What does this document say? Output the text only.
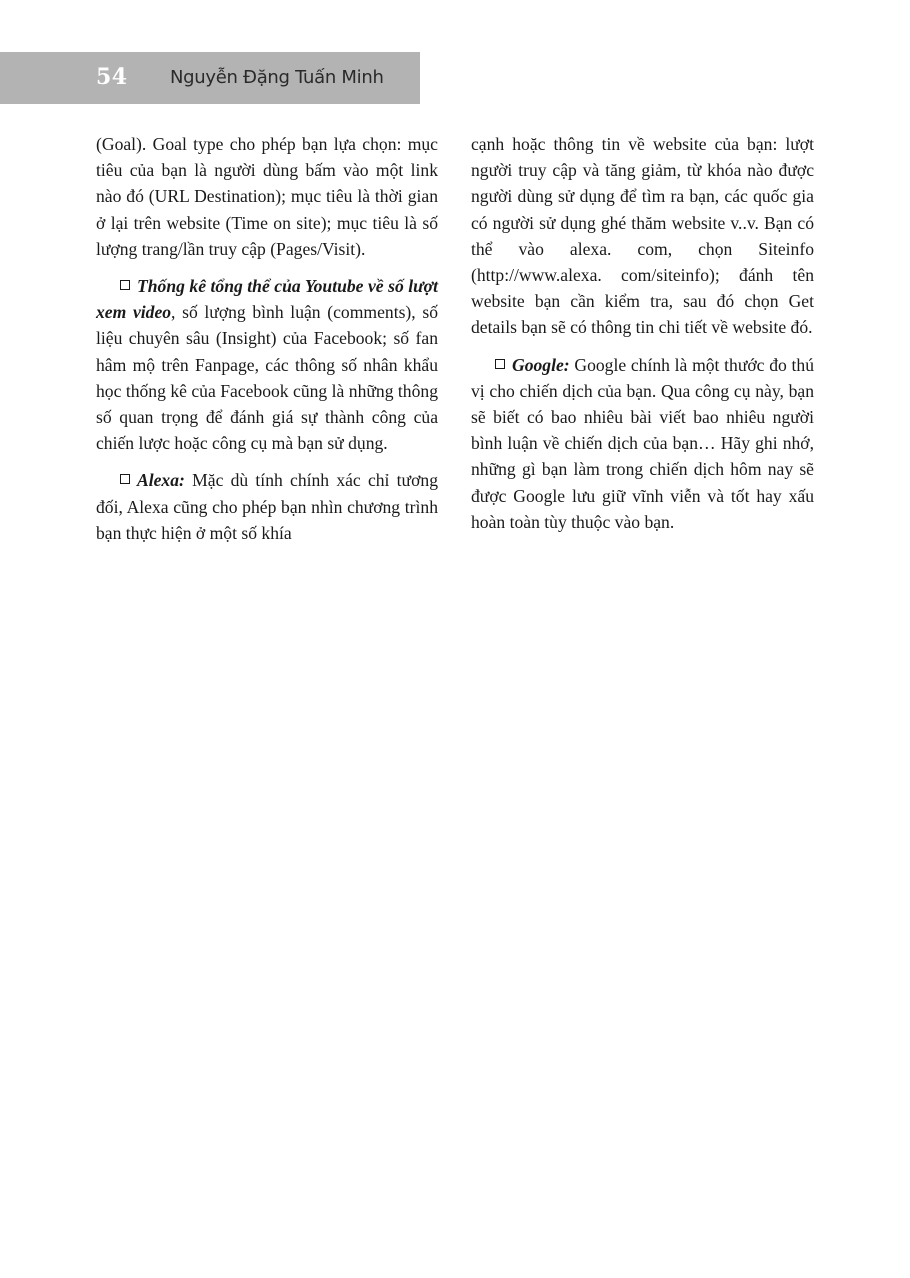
54 Nguyễn Đặng Tuấn Minh

(Goal). Goal type cho phép bạn lựa chọn: mục tiêu của bạn là người dùng bấm vào một link nào đó (URL Destination); mục tiêu là thời gian ở lại trên website (Time on site); mục tiêu là số lượng trang/lần truy cập (Pages/Visit).

Thống kê tổng thể của Youtube về số lượt xem video, số lượng bình luận (comments), số liệu chuyên sâu (Insight) của Facebook; số fan hâm mộ trên Fanpage, các thông số nhân khẩu học thống kê của Facebook cũng là những thông số quan trọng để đánh giá sự thành công của chiến lược hoặc công cụ mà bạn sử dụng.

Alexa: Mặc dù tính chính xác chỉ tương đối, Alexa cũng cho phép bạn nhìn chương trình bạn thực hiện ở một số khía

cạnh hoặc thông tin về website của bạn: lượt người truy cập và tăng giảm, từ khóa nào được người dùng sử dụng để tìm ra bạn, các quốc gia có người sử dụng ghé thăm website v..v. Bạn có thể vào alexa. com, chọn Siteinfo (http://www.alexa. com/siteinfo); đánh tên website bạn cần kiểm tra, sau đó chọn Get details bạn sẽ có thông tin chi tiết về website đó.

Google: Google chính là một thước đo thú vị cho chiến dịch của bạn. Qua công cụ này, bạn sẽ biết có bao nhiêu bài viết bao nhiêu người bình luận về chiến dịch của bạn… Hãy ghi nhớ, những gì bạn làm trong chiến dịch hôm nay sẽ được Google lưu giữ vĩnh viễn và tốt hay xấu hoàn toàn tùy thuộc vào bạn.
